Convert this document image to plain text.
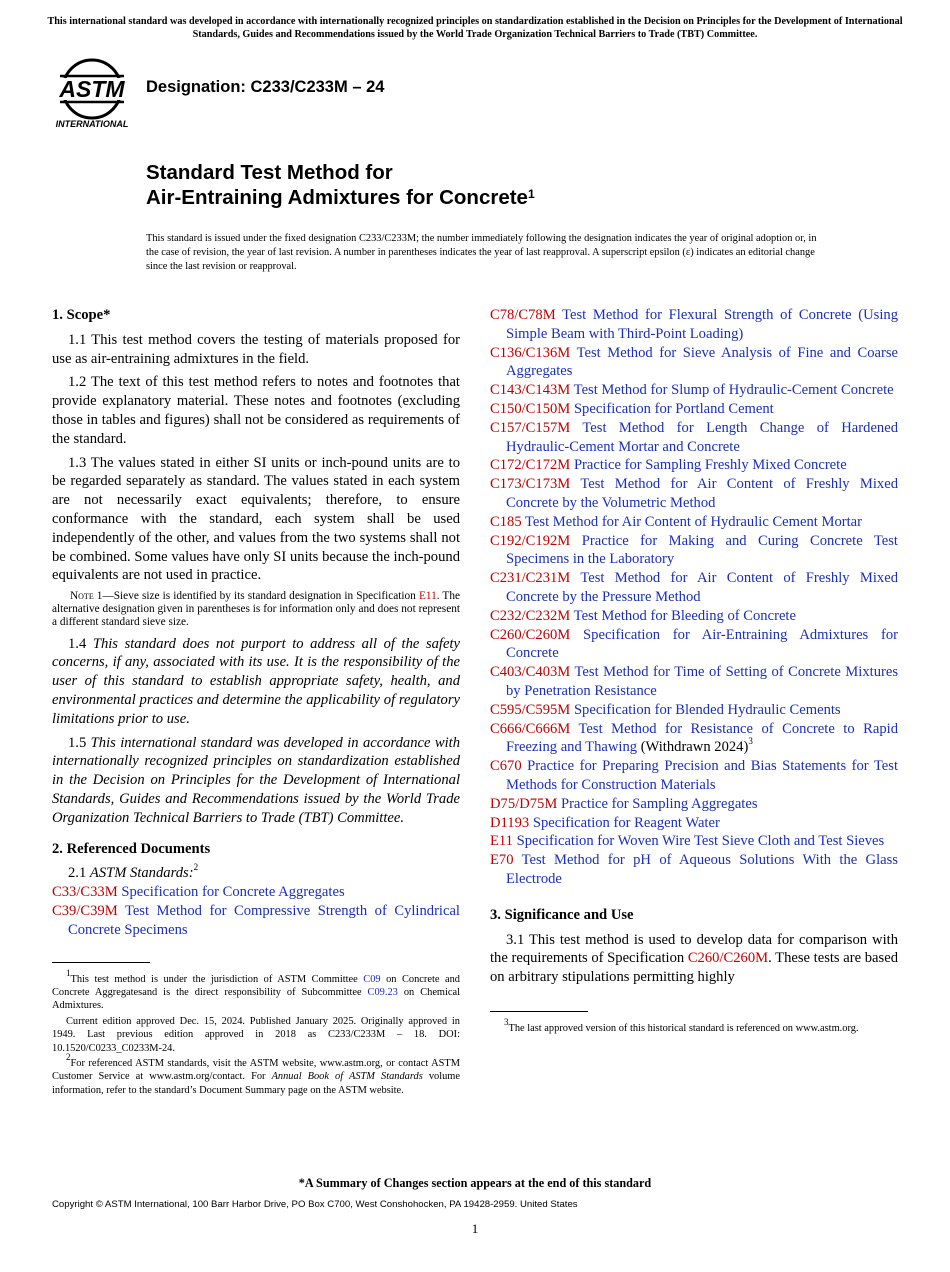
This international standard was developed in accordance with internationally recognized principles on standardization established in the Decision on Principles for the Development of International Standards, Guides and Recommendations issued by the World Trade Organization Technical Barriers to Trade (TBT) Committee.
ASTM
INTERNATIONAL
Designation: C233/C233M – 24
Standard Test Method for
Air-Entraining Admixtures for Concrete$^1$
This standard is issued under the fixed designation C233/C233M; the number immediately following the designation indicates the year of original adoption or, in the case of revision, the year of last revision. A number in parentheses indicates the year of last reapproval. A superscript epsilon (ε) indicates an editorial change since the last revision or reapproval.
1. Scope*

1.1 This test method covers the testing of materials proposed for use as air-entraining admixtures in the field.

1.2 The text of this test method refers to notes and footnotes that provide explanatory material. These notes and footnotes (excluding those in tables and figures) shall not be considered as requirements of the standard.

1.3 The values stated in either SI units or inch-pound units are to be regarded separately as standard. The values stated in each system are not necessarily exact equivalents; therefore, to ensure conformance with the standard, each system shall be used independently of the other, and values from the two systems shall not be combined. Some values have only SI units because the inch-pound equivalents are not used in practice.

Note 1—Sieve size is identified by its standard designation in Specification E11. The alternative designation given in parentheses is for information only and does not represent a different standard sieve size.

1.4 This standard does not purport to address all of the safety concerns, if any, associated with its use. It is the responsibility of the user of this standard to establish appropriate safety, health, and environmental practices and determine the applicability of regulatory limitations prior to use.

1.5 This international standard was developed in accordance with internationally recognized principles on standardization established in the Decision on Principles for the Development of International Standards, Guides and Recommendations issued by the World Trade Organization Technical Barriers to Trade (TBT) Committee.

2. Referenced Documents

2.1 ASTM Standards:$^2$

C33/C33M Specification for Concrete Aggregates

C39/C39M Test Method for Compressive Strength of Cylindrical Concrete Specimens

$^1$This test method is under the jurisdiction of ASTM Committee C09 on Concrete and Concrete Aggregatesand is the direct responsibility of Subcommittee C09.23 on Chemical Admixtures.

Current edition approved Dec. 15, 2024. Published January 2025. Originally approved in 1949. Last previous edition approved in 2018 as C233/C233M – 18. DOI: 10.1520/C0233_C0233M-24.

$^2$For referenced ASTM standards, visit the ASTM website, www.astm.org, or contact ASTM Customer Service at www.astm.org/contact. For Annual Book of ASTM Standards volume information, refer to the standard’s Document Summary page on the ASTM website.

C78/C78M Test Method for Flexural Strength of Concrete (Using Simple Beam with Third-Point Loading)

C136/C136M Test Method for Sieve Analysis of Fine and Coarse Aggregates

C143/C143M Test Method for Slump of Hydraulic-Cement Concrete

C150/C150M Specification for Portland Cement

C157/C157M Test Method for Length Change of Hardened Hydraulic-Cement Mortar and Concrete

C172/C172M Practice for Sampling Freshly Mixed Concrete

C173/C173M Test Method for Air Content of Freshly Mixed Concrete by the Volumetric Method

C185 Test Method for Air Content of Hydraulic Cement Mortar

C192/C192M Practice for Making and Curing Concrete Test Specimens in the Laboratory

C231/C231M Test Method for Air Content of Freshly Mixed Concrete by the Pressure Method

C232/C232M Test Method for Bleeding of Concrete

C260/C260M Specification for Air-Entraining Admixtures for Concrete

C403/C403M Test Method for Time of Setting of Concrete Mixtures by Penetration Resistance

C595/C595M Specification for Blended Hydraulic Cements

C666/C666M Test Method for Resistance of Concrete to Rapid Freezing and Thawing (Withdrawn 2024)$^3$

C670 Practice for Preparing Precision and Bias Statements for Test Methods for Construction Materials

D75/D75M Practice for Sampling Aggregates

D1193 Specification for Reagent Water

E11 Specification for Woven Wire Test Sieve Cloth and Test Sieves

E70 Test Method for pH of Aqueous Solutions With the Glass Electrode

3. Significance and Use

3.1 This test method is used to develop data for comparison with the requirements of Specification C260/C260M. These tests are based on arbitrary stipulations permitting highly

$^3$The last approved version of this historical standard is referenced on www.astm.org.

*A Summary of Changes section appears at the end of this standard
Copyright © ASTM International, 100 Barr Harbor Drive, PO Box C700, West Conshohocken, PA 19428-2959. United States
1
